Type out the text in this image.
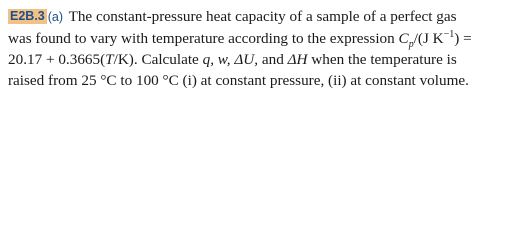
E2B.3 (a) The constant-pressure heat capacity of a sample of a perfect gas
was found to vary with temperature according to the expression $C_p/(J$ $K^{-1}$) =
20.17 + 0.3665(T/K). Calculate q, w, ΔU, and ΔH when the temperature is
raised from 25 °C to 100 °C (i) at constant pressure, (ii) at constant volume.
